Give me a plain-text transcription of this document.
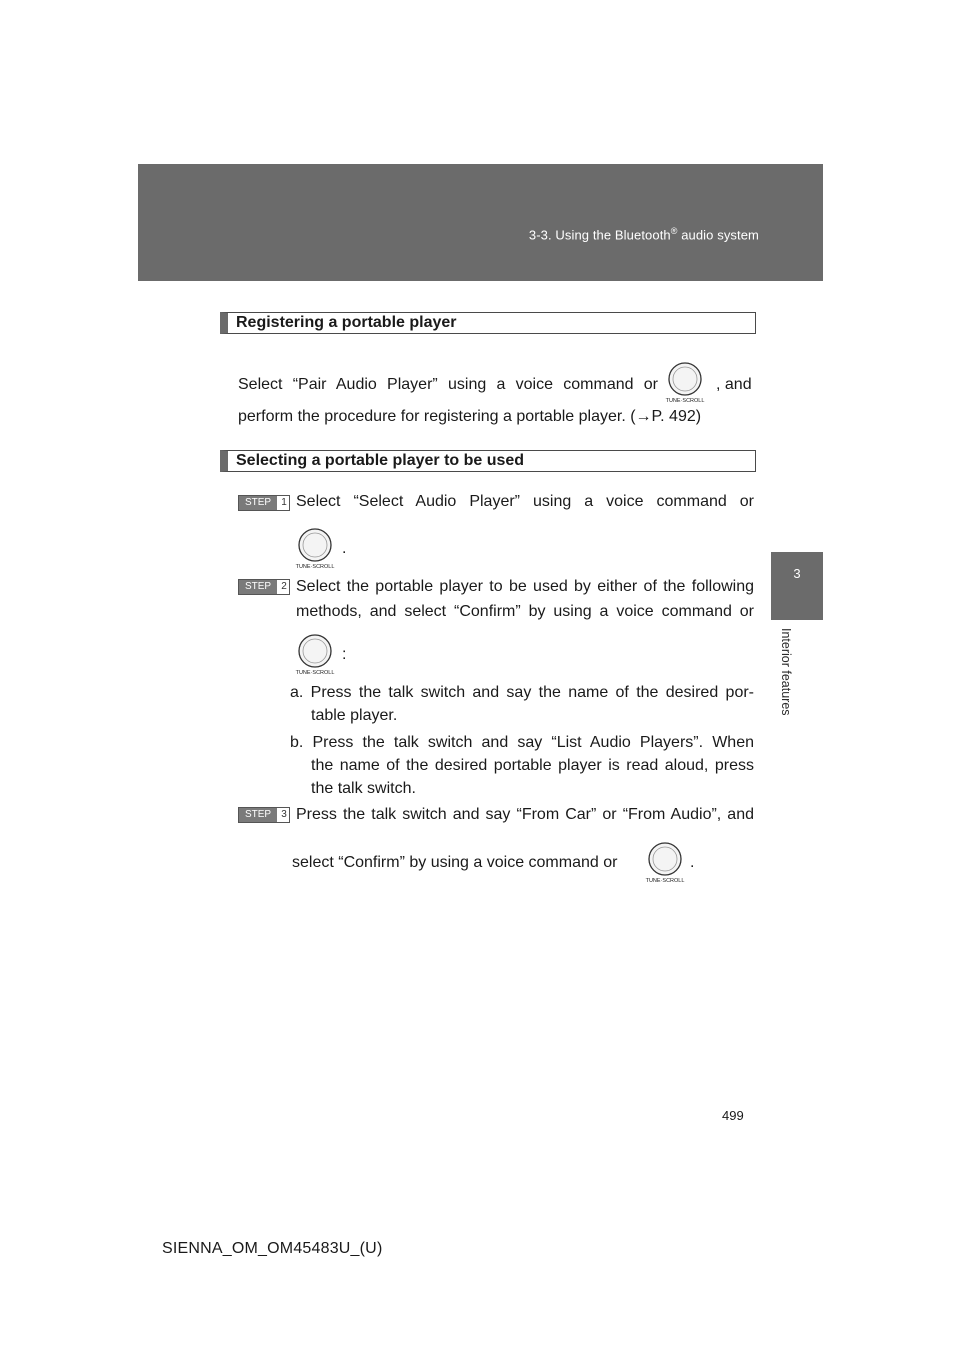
3-3. Using the Bluetooth® audio system
3
Interior features
Registering a portable player
Select “Pair Audio Player” using a voice command or
TUNE·SCROLL
, and
perform the procedure for registering a portable player. (→P. 492)
Selecting a portable player to be used
STEP	1 Select “Select Audio Player” using a voice command or
TUNE·SCROLL
.
STEP	2 Select the portable player to be used by either of the following
methods, and select “Confirm” by using a voice command or
TUNE·SCROLL
:
a. Press the talk switch and say the name of the desired por-
table player.
b. Press the talk switch and say “List Audio Players”. When
the name of the desired portable player is read aloud, press
the talk switch.
STEP	3 Press the talk switch and say “From Car” or “From Audio”, and
select “Confirm” by using a voice command or
TUNE·SCROLL
.
499
SIENNA_OM_OM45483U_(U)
